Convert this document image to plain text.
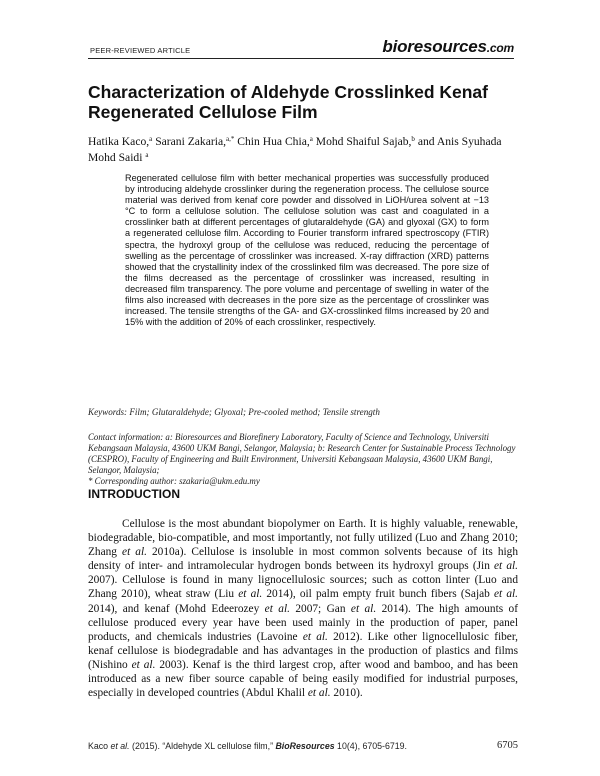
PEER-REVIEWED ARTICLE	bioresources.com
Characterization of Aldehyde Crosslinked Kenaf Regenerated Cellulose Film
Hatika Kaco,$^a$ Sarani Zakaria,$^{a,*}$ Chin Hua Chia,$^a$ Mohd Shaiful Sajab,$^b$ and Anis Syuhada Mohd Saidi $^a$

Regenerated cellulose film with better mechanical properties was successfully produced by introducing aldehyde crosslinker during the regeneration process. The cellulose source material was derived from kenaf core powder and dissolved in LiOH/urea solvent at −13 °C to form a cellulose solution. The cellulose solution was cast and coagulated in a crosslinker bath at different percentages of glutaraldehyde (GA) and glyoxal (GX) to form a regenerated cellulose film. According to Fourier transform infrared spectroscopy (FTIR) spectra, the hydroxyl group of the cellulose was reduced, reducing the percentage of swelling as the percentage of crosslinker was increased. X-ray diffraction (XRD) patterns showed that the crystallinity index of the crosslinked film was decreased. The pore size of the films decreased as the percentage of crosslinker was increased, resulting in decreased film transparency. The pore volume and percentage of swelling in water of the films also increased with decreases in the pore size as the percentage of crosslinker was increased. The tensile strengths of the GA- and GX-crosslinked films increased by 20 and 15% with the addition of 20% of each crosslinker, respectively.

Keywords: Film; Glutaraldehyde; Glyoxal; Pre-cooled method; Tensile strength

Contact information: a: Bioresources and Biorefinery Laboratory, Faculty of Science and Technology, Universiti Kebangsaan Malaysia, 43600 UKM Bangi, Selangor, Malaysia; b: Research Center for Sustainable Process Technology (CESPRO), Faculty of Engineering and Built Environment, Universiti Kebangsaan Malaysia, 43600 UKM Bangi, Selangor, Malaysia;
* Corresponding author: szakaria@ukm.edu.my
INTRODUCTION

Cellulose is the most abundant biopolymer on Earth. It is highly valuable, renewable, biodegradable, bio-compatible, and most importantly, not fully utilized (Luo and Zhang 2010; Zhang et al. 2010a). Cellulose is insoluble in most common solvents because of its high density of inter- and intramolecular hydrogen bonds between its hydroxyl groups (Jin et al. 2007). Cellulose is found in many lignocellulosic sources; such as cotton linter (Luo and Zhang 2010), wheat straw (Liu et al. 2014), oil palm empty fruit bunch fibers (Sajab et al. 2014), and kenaf (Mohd Edeerozey et al. 2007; Gan et al. 2014). The high amounts of cellulose produced every year have been used mainly in the production of paper, panel products, and chemicals industries (Lavoine et al. 2012). Like other lignocellulosic fiber, kenaf cellulose is biodegradable and has advantages in the production of plastics and films (Nishino et al. 2003). Kenaf is the third largest crop, after wood and bamboo, and has been introduced as a new fiber source capable of being easily modified for industrial purposes, especially in developed countries (Abdul Khalil et al. 2010).

Kaco et al. (2015). “Aldehyde XL cellulose film,” BioResources 10(4), 6705-6719.	6705
